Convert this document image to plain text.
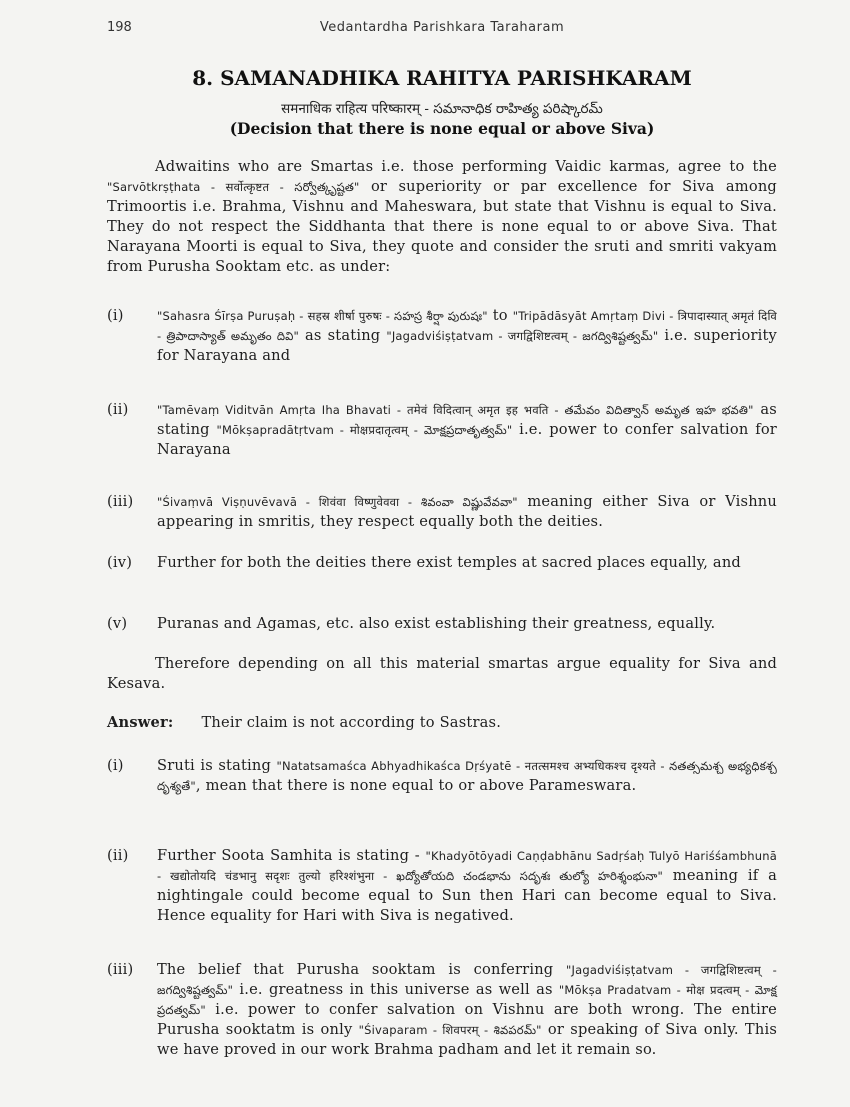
198	Vedantardha Parishkara Taraharam
8. SAMANADHIKA RAHITYA PARISHKARAM
समनाधिक राहित्य परिष्कारम् - సమానాధిక రాహిత్య పరిష్కారమ్
(Decision that there is none equal or above Siva)
Adwaitins who are Smartas i.e. those performing Vaidic karmas, agree to the "Sarvōtkrṣṭhata - सर्वोत्कृष्टत - సర్వోత్కృష్టత" or superiority or par excellence for Siva among Trimoortis i.e. Brahma, Vishnu and Maheswara, but state that Vishnu is equal to Siva. They do not respect the Siddhanta that there is none equal to or above Siva. That Narayana Moorti is equal to Siva, they quote and consider the sruti and smriti vakyam from Purusha Sooktam etc. as under:
(i)	"Sahasra Śīrṣa Puruṣaḥ - सहस्र शीर्षा पुरुषः - సహస్ర శీర్షా పురుషః" to "Tripādāsyāt Amṛtaṃ Divi - त्रिपादास्यात् अमृतं दिवि - త్రిపాదాస్యాత్ అమృతం దివి" as stating "Jagadviśiṣṭatvam - जगद्विशिष्टत्वम् - జగద్విశిష్టత్వమ్" i.e. superiority for Narayana and
(ii)	"Tamēvaṃ Viditvān Amṛta Iha Bhavati - तमेवं विदित्वान् अमृत इह भवति - తమేవం విదిత్వాన్ అమృత ఇహ భవతి" as stating "Mōkṣapradātṛtvam - मोक्षप्रदातृत्वम् - మోక్షప్రదాతృత్వమ్" i.e. power to confer salvation for Narayana
(iii)	"Śivaṃvā Viṣṇuvēvavā - शिवंवा विष्णुवेववा - శివంవా విష్ణువేవవా" meaning either Siva or Vishnu appearing in smritis, they respect equally both the deities.
(iv)	Further for both the deities there exist temples at sacred places equally, and
(v)	Puranas and Agamas, etc. also exist establishing their greatness, equally.
Therefore depending on all this material smartas argue equality for Siva and Kesava.
Answer: Their claim is not according to Sastras.
(i)	Sruti is stating "Natatsamaśca Abhyadhikaśca Dṛśyatē - नतत्समश्च अभ्यधिकश्च दृश्यते - నతత్సమశ్చ అభ్యధికశ్చ దృశ్యతే", mean that there is none equal to or above Parameswara.
(ii)	Further Soota Samhita is stating - "Khadyōtōyadi Caṇḍabhānu Sadṛśaḥ Tulyō Hariśśambhunā - खद्योतोयदि चंडभानु सदृशः तुल्यो हरिश्शंभुना - ఖద్యోతోయది చండభాను సదృశః తుల్యో హరిశ్శంభునా" meaning if a nightingale could become equal to Sun then Hari can become equal to Siva. Hence equality for Hari with Siva is negatived.
(iii)	The belief that Purusha sooktam is conferring "Jagadviśiṣṭatvam - जगद्विशिष्टत्वम् - జగద్విశిష్టత్వమ్" i.e. greatness in this universe as well as "Mōkṣa Pradatvam - मोक्ष प्रदत्वम् - మోక్ష ప్రదత్వమ్" i.e. power to confer salvation on Vishnu are both wrong. The entire Purusha sooktatm is only "Śivaparam - शिवपरम् - శివపరమ్" or speaking of Siva only. This we have proved in our work Brahma padham and let it remain so.
